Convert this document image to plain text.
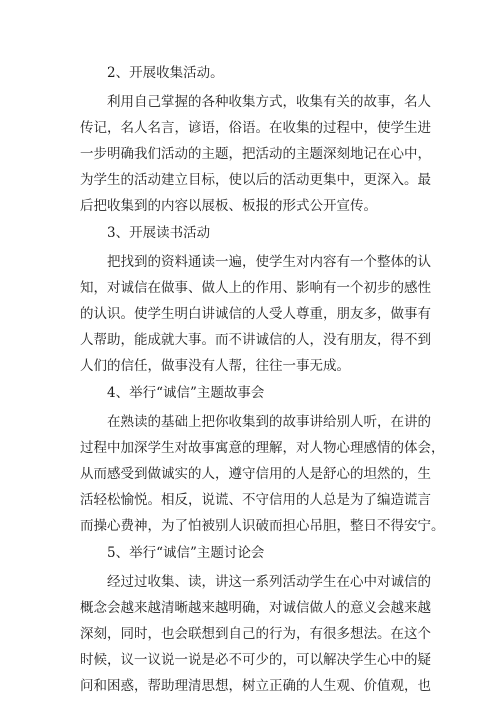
2、开展收集活动。
利用自己掌握的各种收集方式，收集有关的故事，名人
传记，名人名言，谚语，俗语。在收集的过程中，使学生进
一步明确我们活动的主题，把活动的主题深刻地记在心中，
为学生的活动建立目标，使以后的活动更集中，更深入。最
后把收集到的内容以展板、板报的形式公开宣传。
3、开展读书活动
把找到的资料通读一遍，使学生对内容有一个整体的认
知，对诚信在做事、做人上的作用、影响有一个初步的感性
的认识。使学生明白讲诚信的人受人尊重，朋友多，做事有
人帮助，能成就大事。而不讲诚信的人，没有朋友，得不到
人们的信任，做事没有人帮，往往一事无成。
4、举行“诚信”主题故事会
在熟读的基础上把你收集到的故事讲给别人听，在讲的
过程中加深学生对故事寓意的理解，对人物心理感情的体会，
从而感受到做诚实的人，遵守信用的人是舒心的坦然的，生
活轻松愉悦。相反，说谎、不守信用的人总是为了编造谎言
而操心费神，为了怕被别人识破而担心吊胆，整日不得安宁。
5、举行“诚信”主题讨论会
经过过收集、读，讲这一系列活动学生在心中对诚信的
概念会越来越清晰越来越明确，对诚信做人的意义会越来越
深刻，同时，也会联想到自己的行为，有很多想法。在这个
时候，议一议说一说是必不可少的，可以解决学生心中的疑
问和困惑，帮助理清思想，树立正确的人生观、价值观，也
